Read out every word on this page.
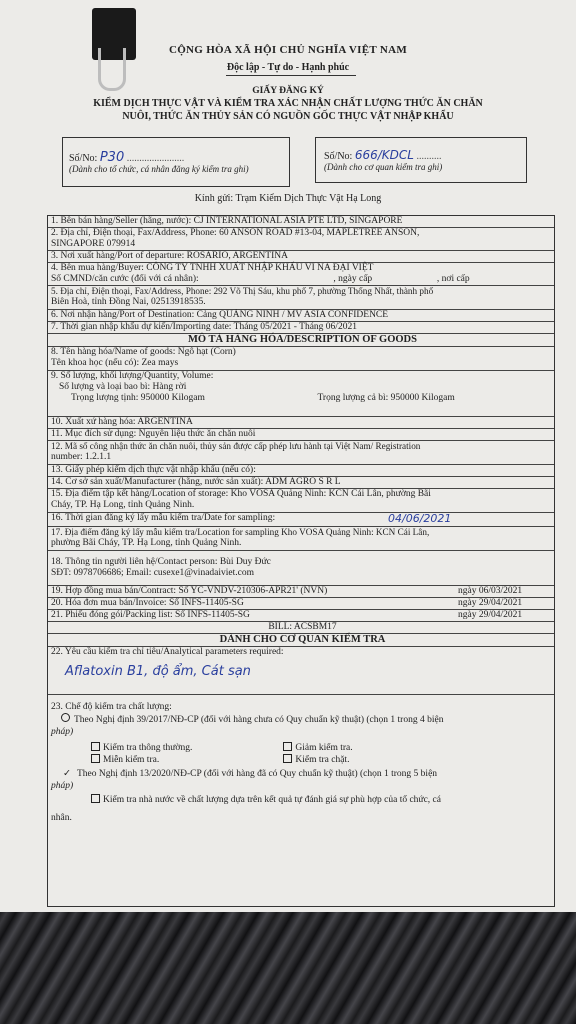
CỘNG HÒA XÃ HỘI CHỦ NGHĨA VIỆT NAM
Độc lập - Tự do - Hạnh phúc
GIẤY ĐĂNG KÝ
KIỂM DỊCH THỰC VẬT VÀ KIỂM TRA XÁC NHẬN CHẤT LƯỢNG THỨC ĂN CHĂN
NUÔI, THỨC ĂN THỦY SẢN CÓ NGUỒN GỐC THỰC VẬT NHẬP KHẨU
Số/No: P30 .......................
(Dành cho tổ chức, cá nhân đăng ký kiểm tra ghi)
Số/No: 666/KDCL ..........
(Dành cho cơ quan kiểm tra ghi)
Kính gửi: Trạm Kiểm Dịch Thực Vật Hạ Long
1. Bên bán hàng/Seller (hãng, nước): CJ INTERNATIONAL ASIA PTE LTD, SINGAPORE
2. Địa chỉ, Điện thoại, Fax/Address, Phone: 60 ANSON ROAD #13-04, MAPLETREE ANSON,
SINGAPORE 079914
3. Nơi xuất hàng/Port of departure: ROSARIO, ARGENTINA
4. Bên mua hàng/Buyer: CÔNG TY TNHH XUẤT NHẬP KHẨU VI NA ĐẠI VIỆT
Số CMND/căn cước (đối với cá nhân):	, ngày cấp	, nơi cấp
5. Địa chỉ, Điện thoại, Fax/Address, Phone: 292 Võ Thị Sáu, khu phố 7, phường Thống Nhất, thành phố
Biên Hoà, tỉnh Đồng Nai, 02513918535.
6. Nơi nhận hàng/Port of Destination: Cảng QUẢNG NINH / MV ASIA CONFIDENCE
7. Thời gian nhập khẩu dự kiến/Importing date: Tháng 05/2021 - Tháng 06/2021
MÔ TẢ HÀNG HÓA/DESCRIPTION OF GOODS
8. Tên hàng hóa/Name of goods: Ngô hạt (Corn)
Tên khoa học (nếu có): Zea mays
9. Số lượng, khối lượng/Quantity, Volume:
Số lượng và loại bao bì: Hàng rời
Trọng lượng tịnh: 950000 Kilogam	Trọng lượng cả bì: 950000 Kilogam
10. Xuất xứ hàng hóa: ARGENTINA
11. Mục đích sử dụng: Nguyên liệu thức ăn chăn nuôi
12. Mã số công nhận thức ăn chăn nuôi, thủy sản được cấp phép lưu hành tại Việt Nam/ Registration
number: 1.2.1.1
13. Giấy phép kiểm dịch thực vật nhập khẩu (nếu có):
14. Cơ sở sản xuất/Manufacturer (hãng, nước sản xuất): ADM AGRO S R L
15. Địa điểm tập kết hàng/Location of storage: Kho VOSA Quảng Ninh: KCN Cái Lân, phường Bãi
Cháy, TP. Hạ Long, tỉnh Quảng Ninh.
16. Thời gian đăng ký lấy mẫu kiểm tra/Date for sampling:	04/06/2021
17. Địa điểm đăng ký lấy mẫu kiểm tra/Location for sampling Kho VOSA Quảng Ninh: KCN Cái Lân,
phường Bãi Cháy, TP. Hạ Long, tỉnh Quảng Ninh.
18. Thông tin người liên hệ/Contact person: Bùi Duy Đức
SĐT: 0978706686; Email: cusexe1@vinadaiviet.com
19. Hợp đồng mua bán/Contract: Số YC-VNDV-210306-APR21' (NVN)	ngày 06/03/2021
20. Hóa đơn mua bán/Invoice: Số INFS-11405-SG	ngày 29/04/2021
21. Phiếu đóng gói/Packing list: Số INFS-11405-SG	ngày 29/04/2021
BILL: ACSBM17
DÀNH CHO CƠ QUAN KIỂM TRA
22. Yêu cầu kiểm tra chỉ tiêu/Analytical parameters required:
Aflatoxin B1, độ ẩm, Cát sạn
23. Chế độ kiểm tra chất lượng:
Theo Nghị định 39/2017/NĐ-CP (đối với hàng chưa có Quy chuẩn kỹ thuật) (chọn 1 trong 4 biện
pháp)
Kiểm tra thông thường.	Giảm kiểm tra.
Miễn kiểm tra.	Kiểm tra chặt.
✓ Theo Nghị định 13/2020/NĐ-CP (đối với hàng đã có Quy chuẩn kỹ thuật) (chọn 1 trong 5 biện
pháp)
Kiểm tra nhà nước về chất lượng dựa trên kết quả tự đánh giá sự phù hợp của tổ chức, cá
nhân.
